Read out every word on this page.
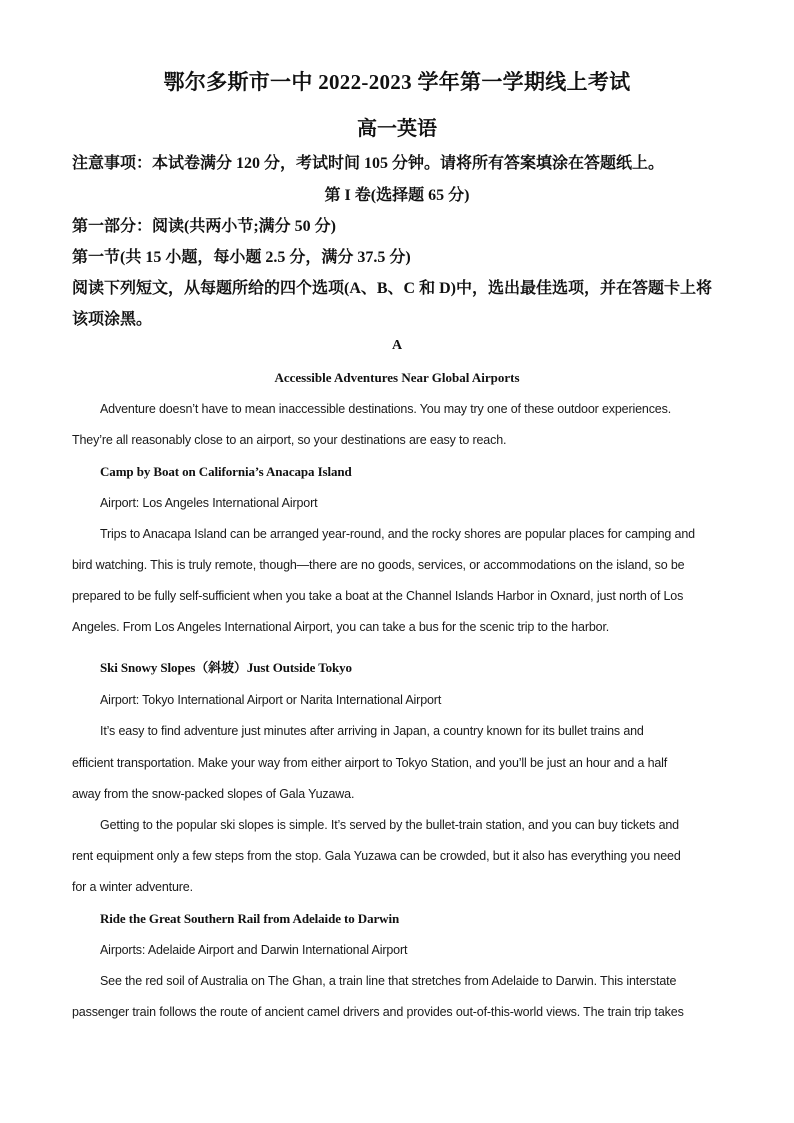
鄂尔多斯市一中 2022-2023 学年第一学期线上考试
高一英语
注意事项：本试卷满分 120 分，考试时间 105 分钟。请将所有答案填涂在答题纸上。
第 I 卷(选择题 65 分)
第一部分：阅读(共两小节;满分 50 分)
第一节(共 15 小题，每小题 2.5 分，满分 37.5 分)
阅读下列短文，从每题所给的四个选项(A、B、C 和 D)中，选出最佳选项，并在答题卡上将
该项涂黑。
A
Accessible Adventures Near Global Airports
Adventure doesn’t have to mean inaccessible destinations. You may try one of these outdoor experiences.
They’re all reasonably close to an airport, so your destinations are easy to reach.
Camp by Boat on California’s Anacapa Island
Airport: Los Angeles International Airport
Trips to Anacapa Island can be arranged year-round, and the rocky shores are popular places for camping and
bird watching. This is truly remote, though—there are no goods, services, or accommodations on the island, so be
prepared to be fully self-sufficient when you take a boat at the Channel Islands Harbor in Oxnard, just north of Los
Angeles. From Los Angeles International Airport, you can take a bus for the scenic trip to the harbor.
Ski Snowy Slopes（斜坡）Just Outside Tokyo
Airport: Tokyo International Airport or Narita International Airport
It’s easy to find adventure just minutes after arriving in Japan, a country known for its bullet trains and
efficient transportation. Make your way from either airport to Tokyo Station, and you’ll be just an hour and a half
away from the snow-packed slopes of Gala Yuzawa.
Getting to the popular ski slopes is simple. It’s served by the bullet-train station, and you can buy tickets and
rent equipment only a few steps from the stop. Gala Yuzawa can be crowded, but it also has everything you need
for a winter adventure.
Ride the Great Southern Rail from Adelaide to Darwin
Airports: Adelaide Airport and Darwin International Airport
See the red soil of Australia on The Ghan, a train line that stretches from Adelaide to Darwin. This interstate
passenger train follows the route of ancient camel drivers and provides out-of-this-world views. The train trip takes
